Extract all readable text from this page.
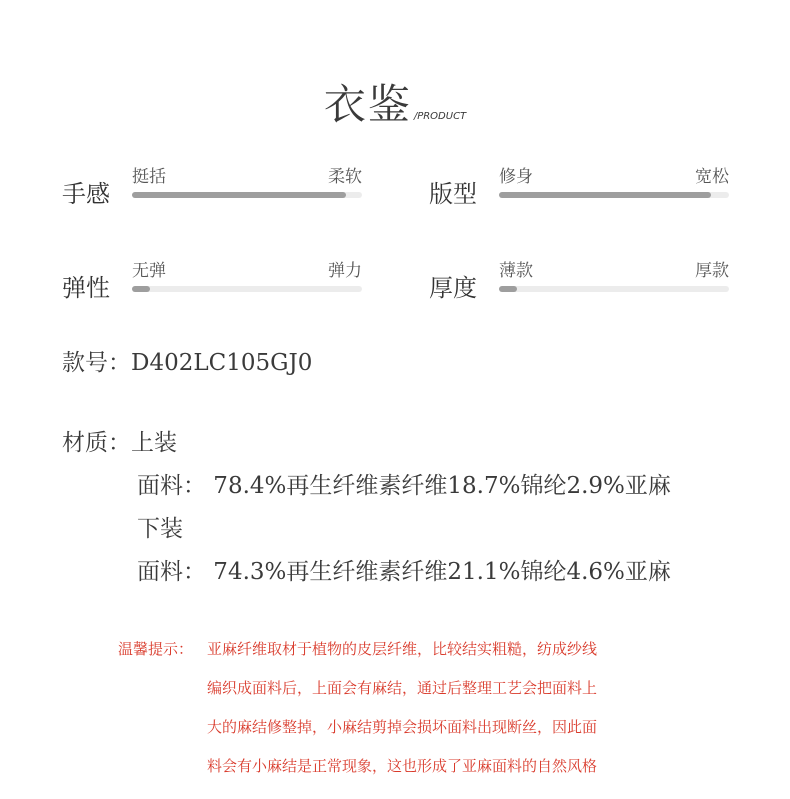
衣鉴 /PRODUCT
手感
挺括	柔软
版型
修身	宽松
弹性
无弹	弹力
厚度
薄款	厚款
款号：D402LC105GJ0
材质：上装
面料： 78.4%再生纤维素纤维18.7%锦纶2.9%亚麻
下装
面料： 74.3%再生纤维素纤维21.1%锦纶4.6%亚麻
温馨提示： 亚麻纤维取材于植物的皮层纤维，比较结实粗糙，纺成纱线
编织成面料后，上面会有麻结，通过后整理工艺会把面料上
大的麻结修整掉，小麻结剪掉会损坏面料出现断丝，因此面
料会有小麻结是正常现象，这也形成了亚麻面料的自然风格
